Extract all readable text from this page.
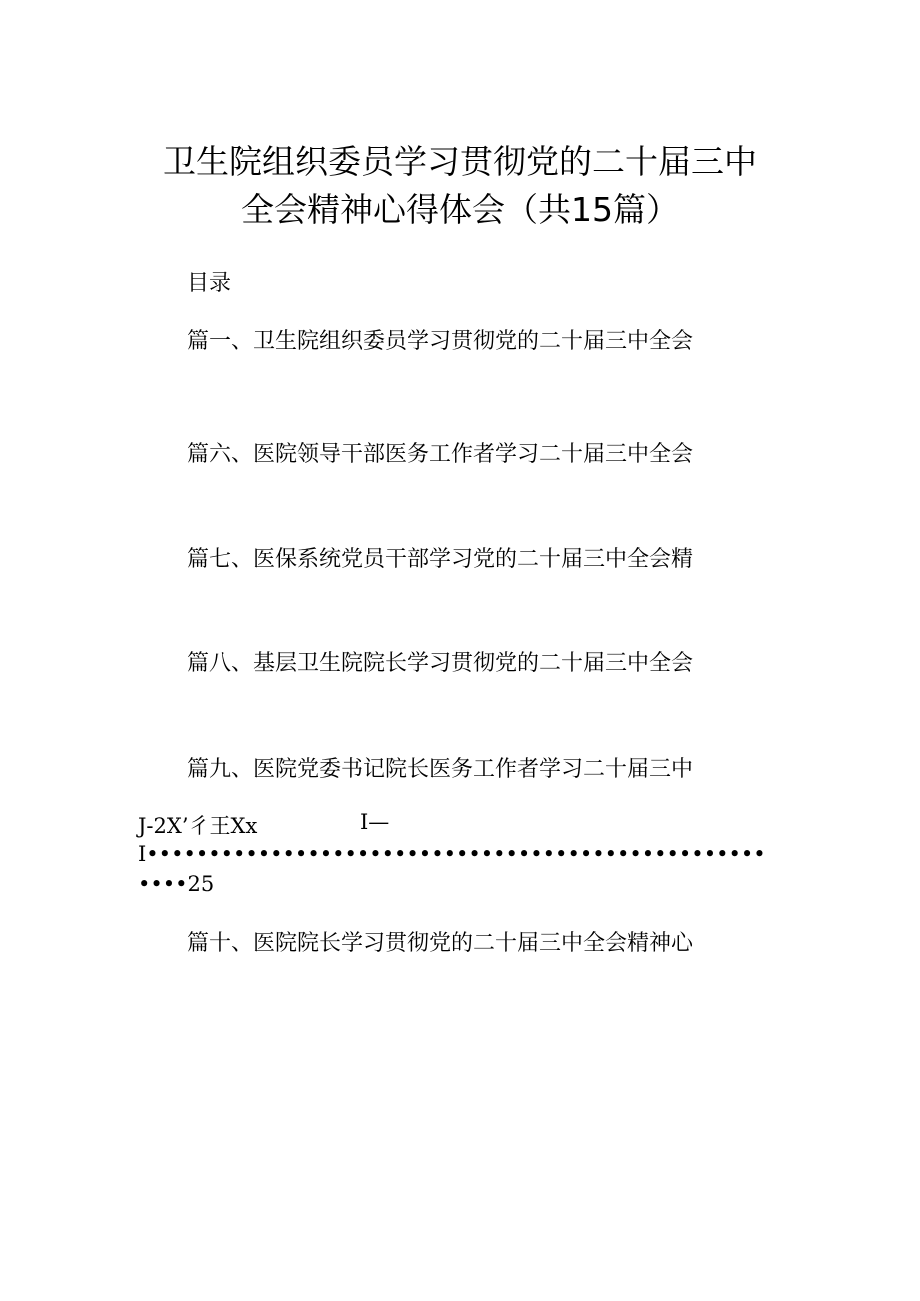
卫生院组织委员学习贯彻党的二十届三中
全会精神心得体会（共15篇）
目录
篇一、卫生院组织委员学习贯彻党的二十届三中全会
篇六、医院领导干部医务工作者学习二十届三中全会
篇七、医保系统党员干部学习党的二十届三中全会精
篇八、基层卫生院院长学习贯彻党的二十届三中全会
篇九、医院党委书记院长医务工作者学习二十届三中
J-2X’彳王Xx	I—
I••••••••••••••••••••••••••••••••••••••••••••••••••
••••25
篇十、医院院长学习贯彻党的二十届三中全会精神心
